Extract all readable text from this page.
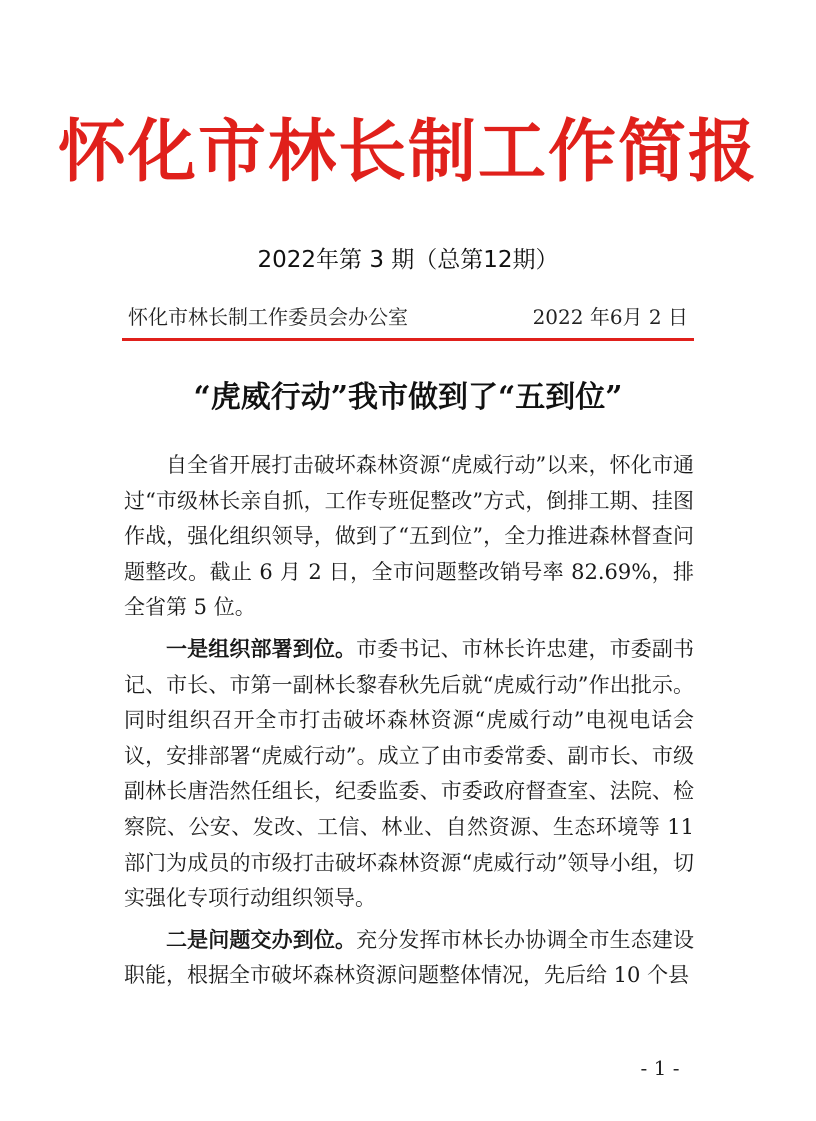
怀化市林长制工作简报
2022年第 3 期（总第12期）
怀化市林长制工作委员会办公室	2022 年6月 2 日
“虎威行动”我市做到了“五到位”

自全省开展打击破坏森林资源“虎威行动”以来，怀化市通过“市级林长亲自抓，工作专班促整改”方式，倒排工期、挂图作战，强化组织领导，做到了“五到位”，全力推进森林督查问题整改。截止 6 月 2 日，全市问题整改销号率 82.69%，排全省第 5 位。

一是组织部署到位。市委书记、市林长许忠建，市委副书记、市长、市第一副林长黎春秋先后就“虎威行动”作出批示。同时组织召开全市打击破坏森林资源“虎威行动”电视电话会议，安排部署“虎威行动”。成立了由市委常委、副市长、市级副林长唐浩然任组长，纪委监委、市委政府督查室、法院、检察院、公安、发改、工信、林业、自然资源、生态环境等 11 部门为成员的市级打击破坏森林资源“虎威行动”领导小组，切实强化专项行动组织领导。

二是问题交办到位。充分发挥市林长办协调全市生态建设职能，根据全市破坏森林资源问题整体情况，先后给 10 个县

- 1 -
